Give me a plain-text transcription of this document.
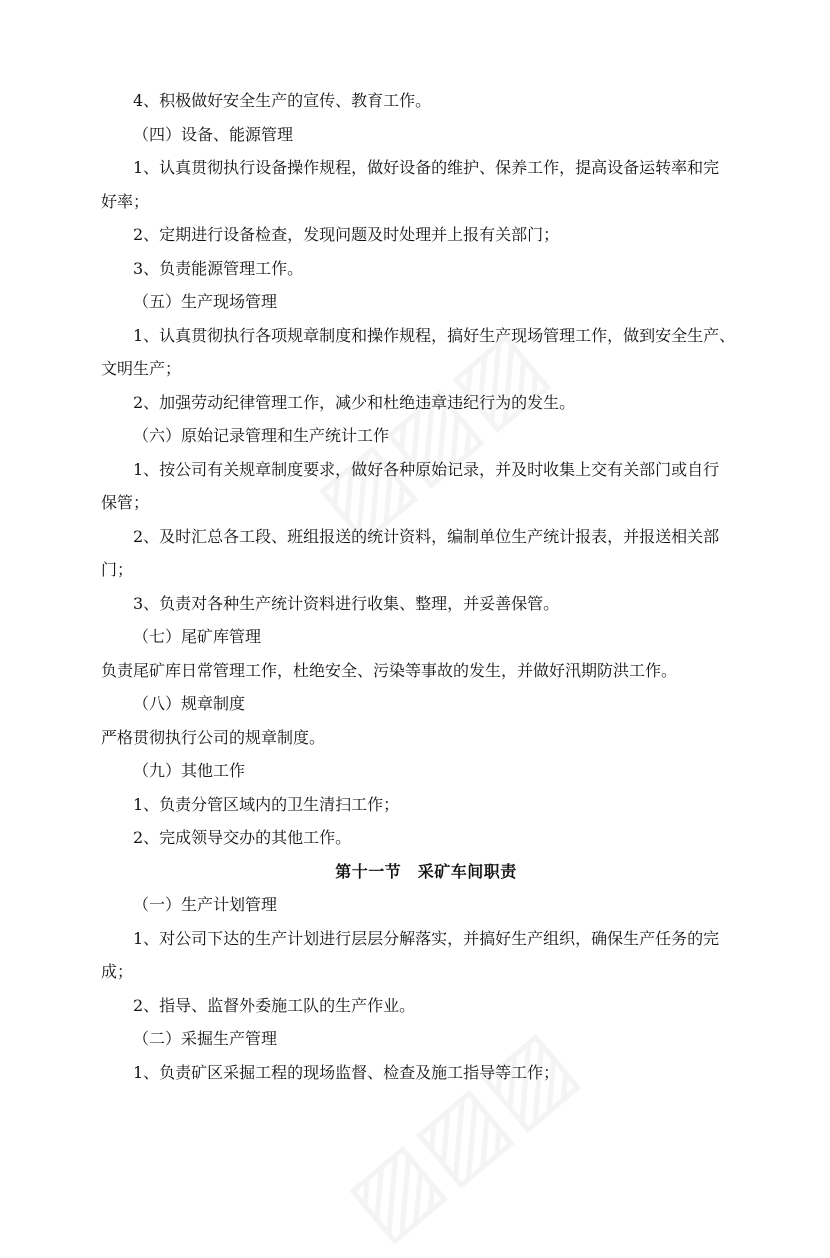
4、积极做好安全生产的宣传、教育工作。
（四）设备、能源管理
1、认真贯彻执行设备操作规程，做好设备的维护、保养工作，提高设备运转率和完
好率；
2、定期进行设备检查，发现问题及时处理并上报有关部门；
3、负责能源管理工作。
（五）生产现场管理
1、认真贯彻执行各项规章制度和操作规程，搞好生产现场管理工作，做到安全生产、
文明生产；
2、加强劳动纪律管理工作，减少和杜绝违章违纪行为的发生。
（六）原始记录管理和生产统计工作
1、按公司有关规章制度要求，做好各种原始记录，并及时收集上交有关部门或自行
保管；
2、及时汇总各工段、班组报送的统计资料，编制单位生产统计报表，并报送相关部
门；
3、负责对各种生产统计资料进行收集、整理，并妥善保管。
（七）尾矿库管理
负责尾矿库日常管理工作，杜绝安全、污染等事故的发生，并做好汛期防洪工作。
（八）规章制度
严格贯彻执行公司的规章制度。
（九）其他工作
1、负责分管区域内的卫生清扫工作；
2、完成领导交办的其他工作。
第十一节　采矿车间职责
（一）生产计划管理
1、对公司下达的生产计划进行层层分解落实，并搞好生产组织，确保生产任务的完
成；
2、指导、监督外委施工队的生产作业。
（二）采掘生产管理
1、负责矿区采掘工程的现场监督、检查及施工指导等工作；
